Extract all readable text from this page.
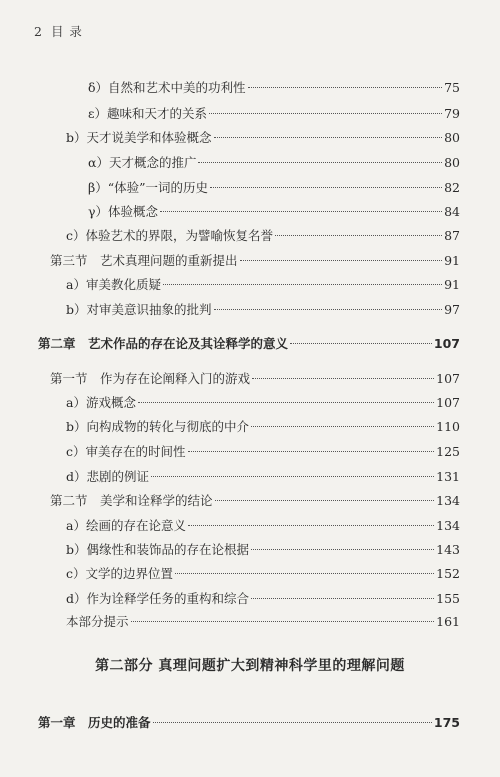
2 目 录
δ）自然和艺术中美的功利性	75
ε）趣味和天才的关系	79
b）天才说美学和体验概念	80
α）天才概念的推广	80
β）“体验”一词的历史	82
γ）体验概念	84
c）体验艺术的界限，为譬喻恢复名誉	87
第三节　艺术真理问题的重新提出	91
a）审美教化质疑	91
b）对审美意识抽象的批判	97
第二章　艺术作品的存在论及其诠释学的意义	107
第一节　作为存在论阐释入门的游戏	107
a）游戏概念	107
b）向构成物的转化与彻底的中介	110
c）审美存在的时间性	125
d）悲剧的例证	131
第二节　美学和诠释学的结论	134
a）绘画的存在论意义	134
b）偶缘性和装饰品的存在论根据	143
c）文学的边界位置	152
d）作为诠释学任务的重构和综合	155
本部分提示	161
第二部分 真理问题扩大到精神科学里的理解问题
第一章　历史的准备	175
